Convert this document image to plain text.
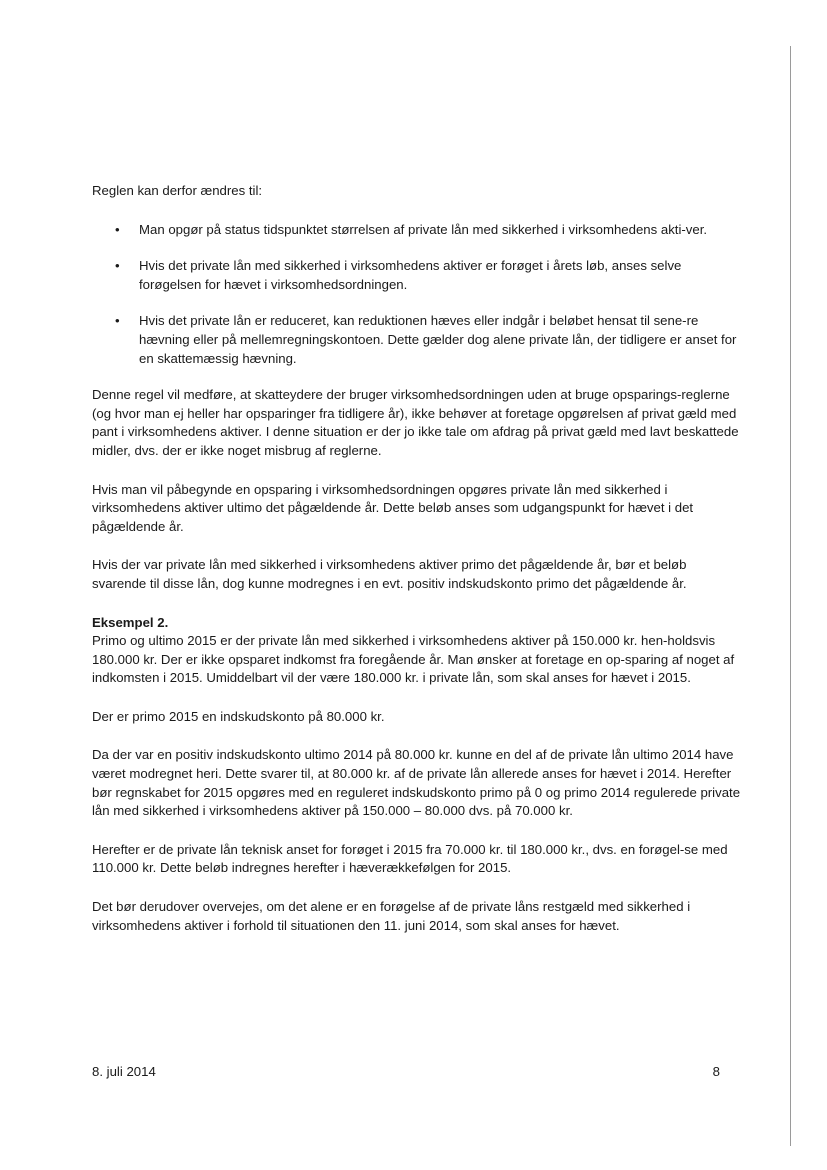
Reglen kan derfor ændres til:

• Man opgør på status tidspunktet størrelsen af private lån med sikkerhed i virksomhedens akti-ver.
• Hvis det private lån med sikkerhed i virksomhedens aktiver er forøget i årets løb, anses selve forøgelsen for hævet i virksomhedsordningen.
• Hvis det private lån er reduceret, kan reduktionen hæves eller indgår i beløbet hensat til sene-re hævning eller på mellemregningskontoen. Dette gælder dog alene private lån, der tidligere er anset for en skattemæssig hævning.

Denne regel vil medføre, at skatteydere der bruger virksomhedsordningen uden at bruge opsparings-reglerne (og hvor man ej heller har opsparinger fra tidligere år), ikke behøver at foretage opgørelsen af privat gæld med pant i virksomhedens aktiver. I denne situation er der jo ikke tale om afdrag på privat gæld med lavt beskattede midler, dvs. der er ikke noget misbrug af reglerne.

Hvis man vil påbegynde en opsparing i virksomhedsordningen opgøres private lån med sikkerhed i virksomhedens aktiver ultimo det pågældende år. Dette beløb anses som udgangspunkt for hævet i det pågældende år.

Hvis der var private lån med sikkerhed i virksomhedens aktiver primo det pågældende år, bør et beløb svarende til disse lån, dog kunne modregnes i en evt. positiv indskudskonto primo det pågældende år.

Eksempel 2.

Primo og ultimo 2015 er der private lån med sikkerhed i virksomhedens aktiver på 150.000 kr. hen-holdsvis 180.000 kr. Der er ikke opsparet indkomst fra foregående år. Man ønsker at foretage en op-sparing af noget af indkomsten i 2015. Umiddelbart vil der være 180.000 kr. i private lån, som skal anses for hævet i 2015.

Der er primo 2015 en indskudskonto på 80.000 kr.

Da der var en positiv indskudskonto ultimo 2014 på 80.000 kr. kunne en del af de private lån ultimo 2014 have været modregnet heri. Dette svarer til, at 80.000 kr. af de private lån allerede anses for hævet i 2014. Herefter bør regnskabet for 2015 opgøres med en reguleret indskudskonto primo på 0 og primo 2014 regulerede private lån med sikkerhed i virksomhedens aktiver på 150.000 – 80.000 dvs. på 70.000 kr.

Herefter er de private lån teknisk anset for forøget i 2015 fra 70.000 kr. til 180.000 kr., dvs. en forøgel-se med 110.000 kr. Dette beløb indregnes herefter i hæverækkefølgen for 2015.

Det bør derudover overvejes, om det alene er en forøgelse af de private låns restgæld med sikkerhed i virksomhedens aktiver i forhold til situationen den 11. juni 2014, som skal anses for hævet.

8. juli 2014	8
